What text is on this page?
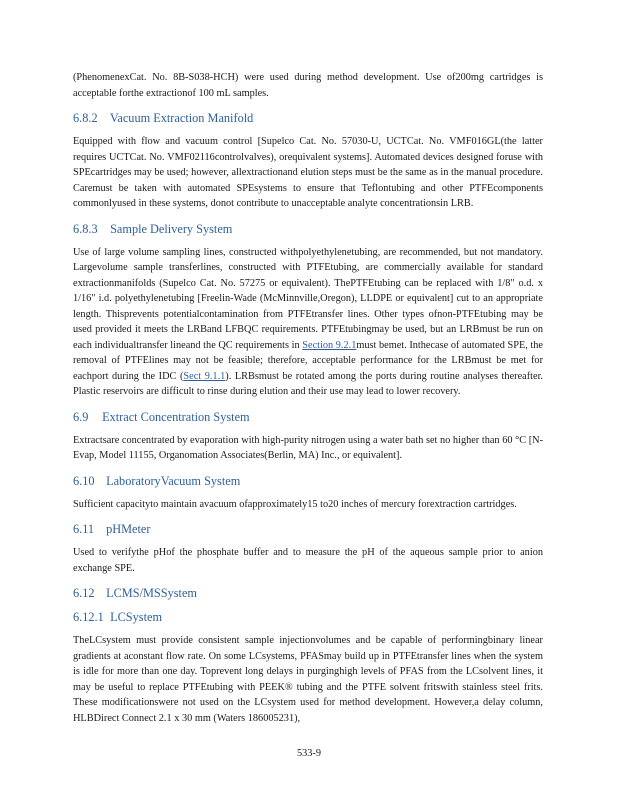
(PhenomenexCat. No. 8B-S038-HCH) were used during method development. Use of200mg cartridges is acceptable forthe extractionof 100 mL samples.

6.8.2 Vacuum Extraction Manifold

Equipped with flow and vacuum control [Supelco Cat. No. 57030-U, UCTCat. No. VMF016GL(the latter requires UCTCat. No. VMF02116controlvalves), orequivalent systems]. Automated devices designed foruse with SPEcartridges may be used; however, allextractionand elution steps must be the same as in the manual procedure. Caremust be taken with automated SPEsystems to ensure that Teflontubing and other PTFEcomponents commonlyused in these systems, donot contribute to unacceptable analyte concentrationsin LRB.

6.8.3 Sample Delivery System

Use of large volume sampling lines, constructed withpolyethylenetubing, are recommended, but not mandatory. Largevolume sample transferlines, constructed with PTFEtubing, are commercially available for standard extractionmanifolds (Supelco Cat. No. 57275 or equivalent). ThePTFEtubing can be replaced with 1/8" o.d. x 1/16" i.d. polyethylenetubing [Freelin-Wade (McMinnville,Oregon), LLDPE or equivalent] cut to an appropriate length. Thisprevents potentialcontamination from PTFEtransfer lines. Other types ofnon-PTFEtubing may be used provided it meets the LRBand LFBQC requirements. PTFEtubingmay be used, but an LRBmust be run on each individualtransfer lineand the QC requirements in Section 9.2.1must bemet. Inthecase of automated SPE, the removal of PTFElines may not be feasible; therefore, acceptable performance for the LRBmust be met for eachport during the IDC (Sect 9.1.1). LRBsmust be rotated among the ports during routine analyses thereafter. Plastic reservoirs are difficult to rinse during elution and their use may lead to lower recovery.

6.9 Extract Concentration System

Extractsare concentrated by evaporation with high-purity nitrogen using a water bath set no higher than 60 °C [N-Evap, Model 11155, Organomation Associates(Berlin, MA) Inc., or equivalent].

6.10 LaboratoryVacuum System

Sufficient capacityto maintain avacuum ofapproximately15 to20 inches of mercury forextraction cartridges.

6.11 pHMeter

Used to verifythe pHof the phosphate buffer and to measure the pH of the aqueous sample prior to anion exchange SPE.

6.12 LCMS/MSSystem
6.12.1 LCSystem

TheLCsystem must provide consistent sample injectionvolumes and be capable of performingbinary linear gradients at aconstant flow rate. On some LCsystems, PFASmay build up in PTFEtransfer lines when the system is idle for more than one day. Toprevent long delays in purginghigh levels of PFAS from the LCsolvent lines, it may be useful to replace PTFEtubing with PEEK® tubing and the PTFE solvent fritswith stainless steel frits. These modificationswere not used on the LCsystem used for method development. However,a delay column, HLBDirect Connect 2.1 x 30 mm (Waters 186005231),

533-9
